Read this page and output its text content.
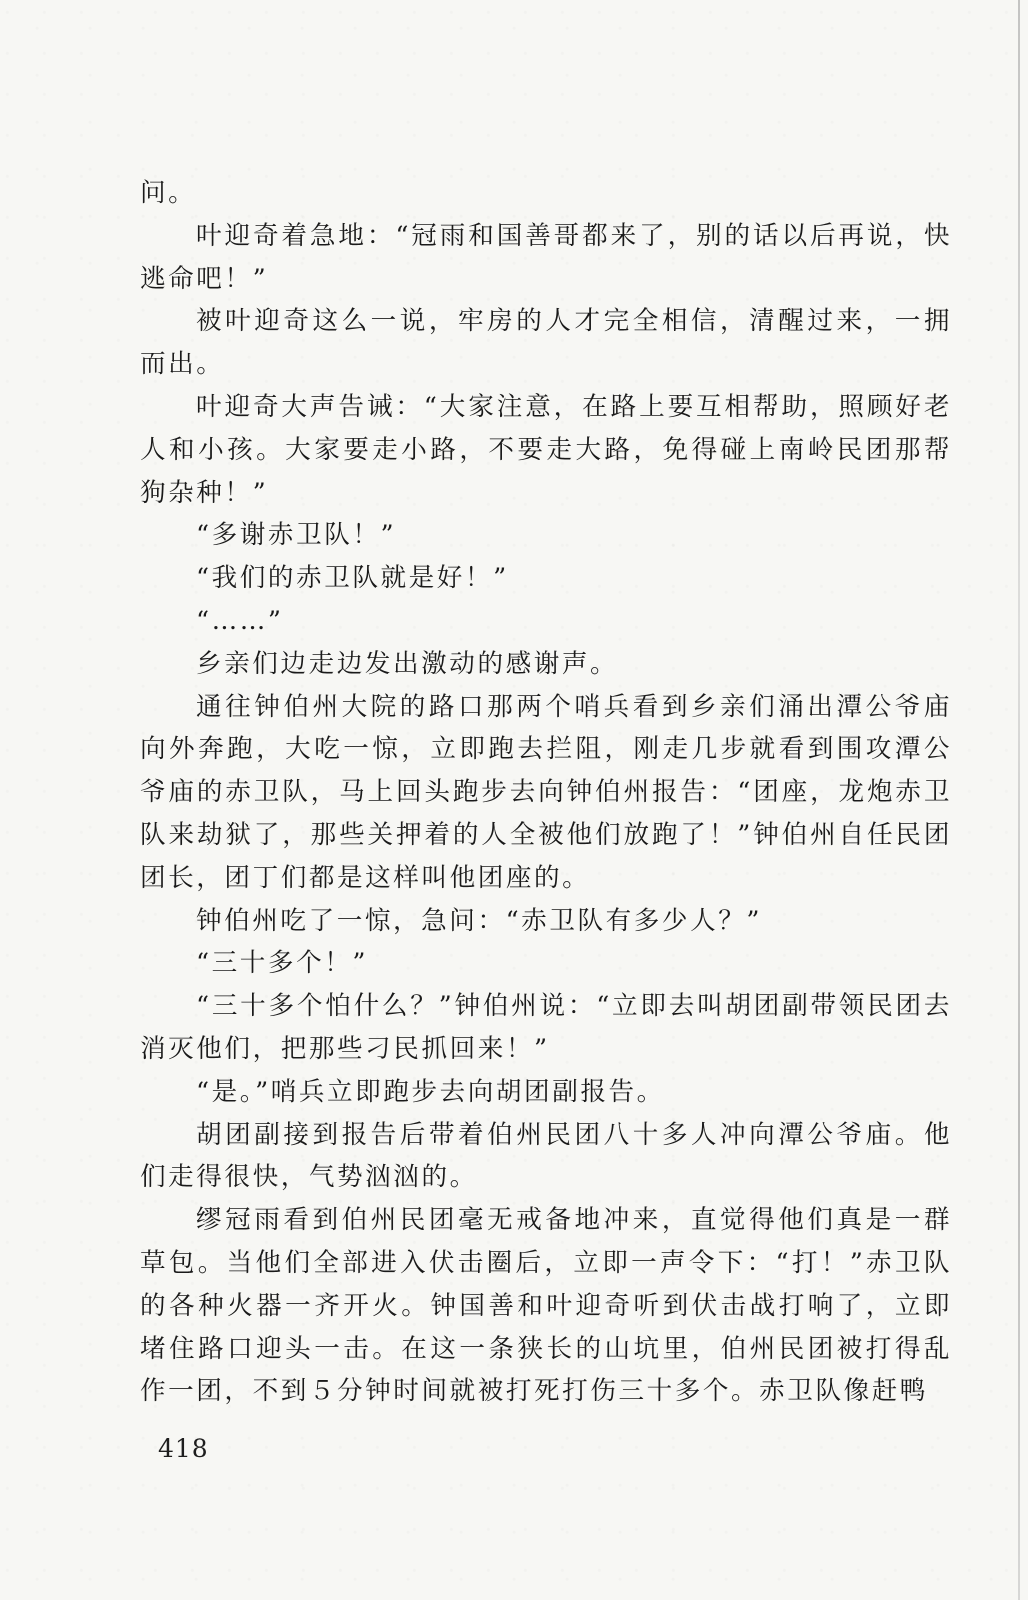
问。

叶迎奇着急地：“冠雨和国善哥都来了，别的话以后再说，快逃命吧！”

被叶迎奇这么一说，牢房的人才完全相信，清醒过来，一拥而出。

叶迎奇大声告诫：“大家注意，在路上要互相帮助，照顾好老人和小孩。大家要走小路，不要走大路，免得碰上南岭民团那帮狗杂种！”

“多谢赤卫队！”

“我们的赤卫队就是好！”

“……”

乡亲们边走边发出激动的感谢声。

通往钟伯州大院的路口那两个哨兵看到乡亲们涌出潭公爷庙向外奔跑，大吃一惊，立即跑去拦阻，刚走几步就看到围攻潭公爷庙的赤卫队，马上回头跑步去向钟伯州报告：“团座，龙炮赤卫队来劫狱了，那些关押着的人全被他们放跑了！”钟伯州自任民团团长，团丁们都是这样叫他团座的。

钟伯州吃了一惊，急问：“赤卫队有多少人？”

“三十多个！”

“三十多个怕什么？”钟伯州说：“立即去叫胡团副带领民团去消灭他们，把那些刁民抓回来！”

“是。”哨兵立即跑步去向胡团副报告。

胡团副接到报告后带着伯州民团八十多人冲向潭公爷庙。他们走得很快，气势汹汹的。

缪冠雨看到伯州民团毫无戒备地冲来，直觉得他们真是一群草包。当他们全部进入伏击圈后，立即一声令下：“打！”赤卫队的各种火器一齐开火。钟国善和叶迎奇听到伏击战打响了，立即堵住路口迎头一击。在这一条狭长的山坑里，伯州民团被打得乱作一团，不到５分钟时间就被打死打伤三十多个。赤卫队像赶鸭

418
